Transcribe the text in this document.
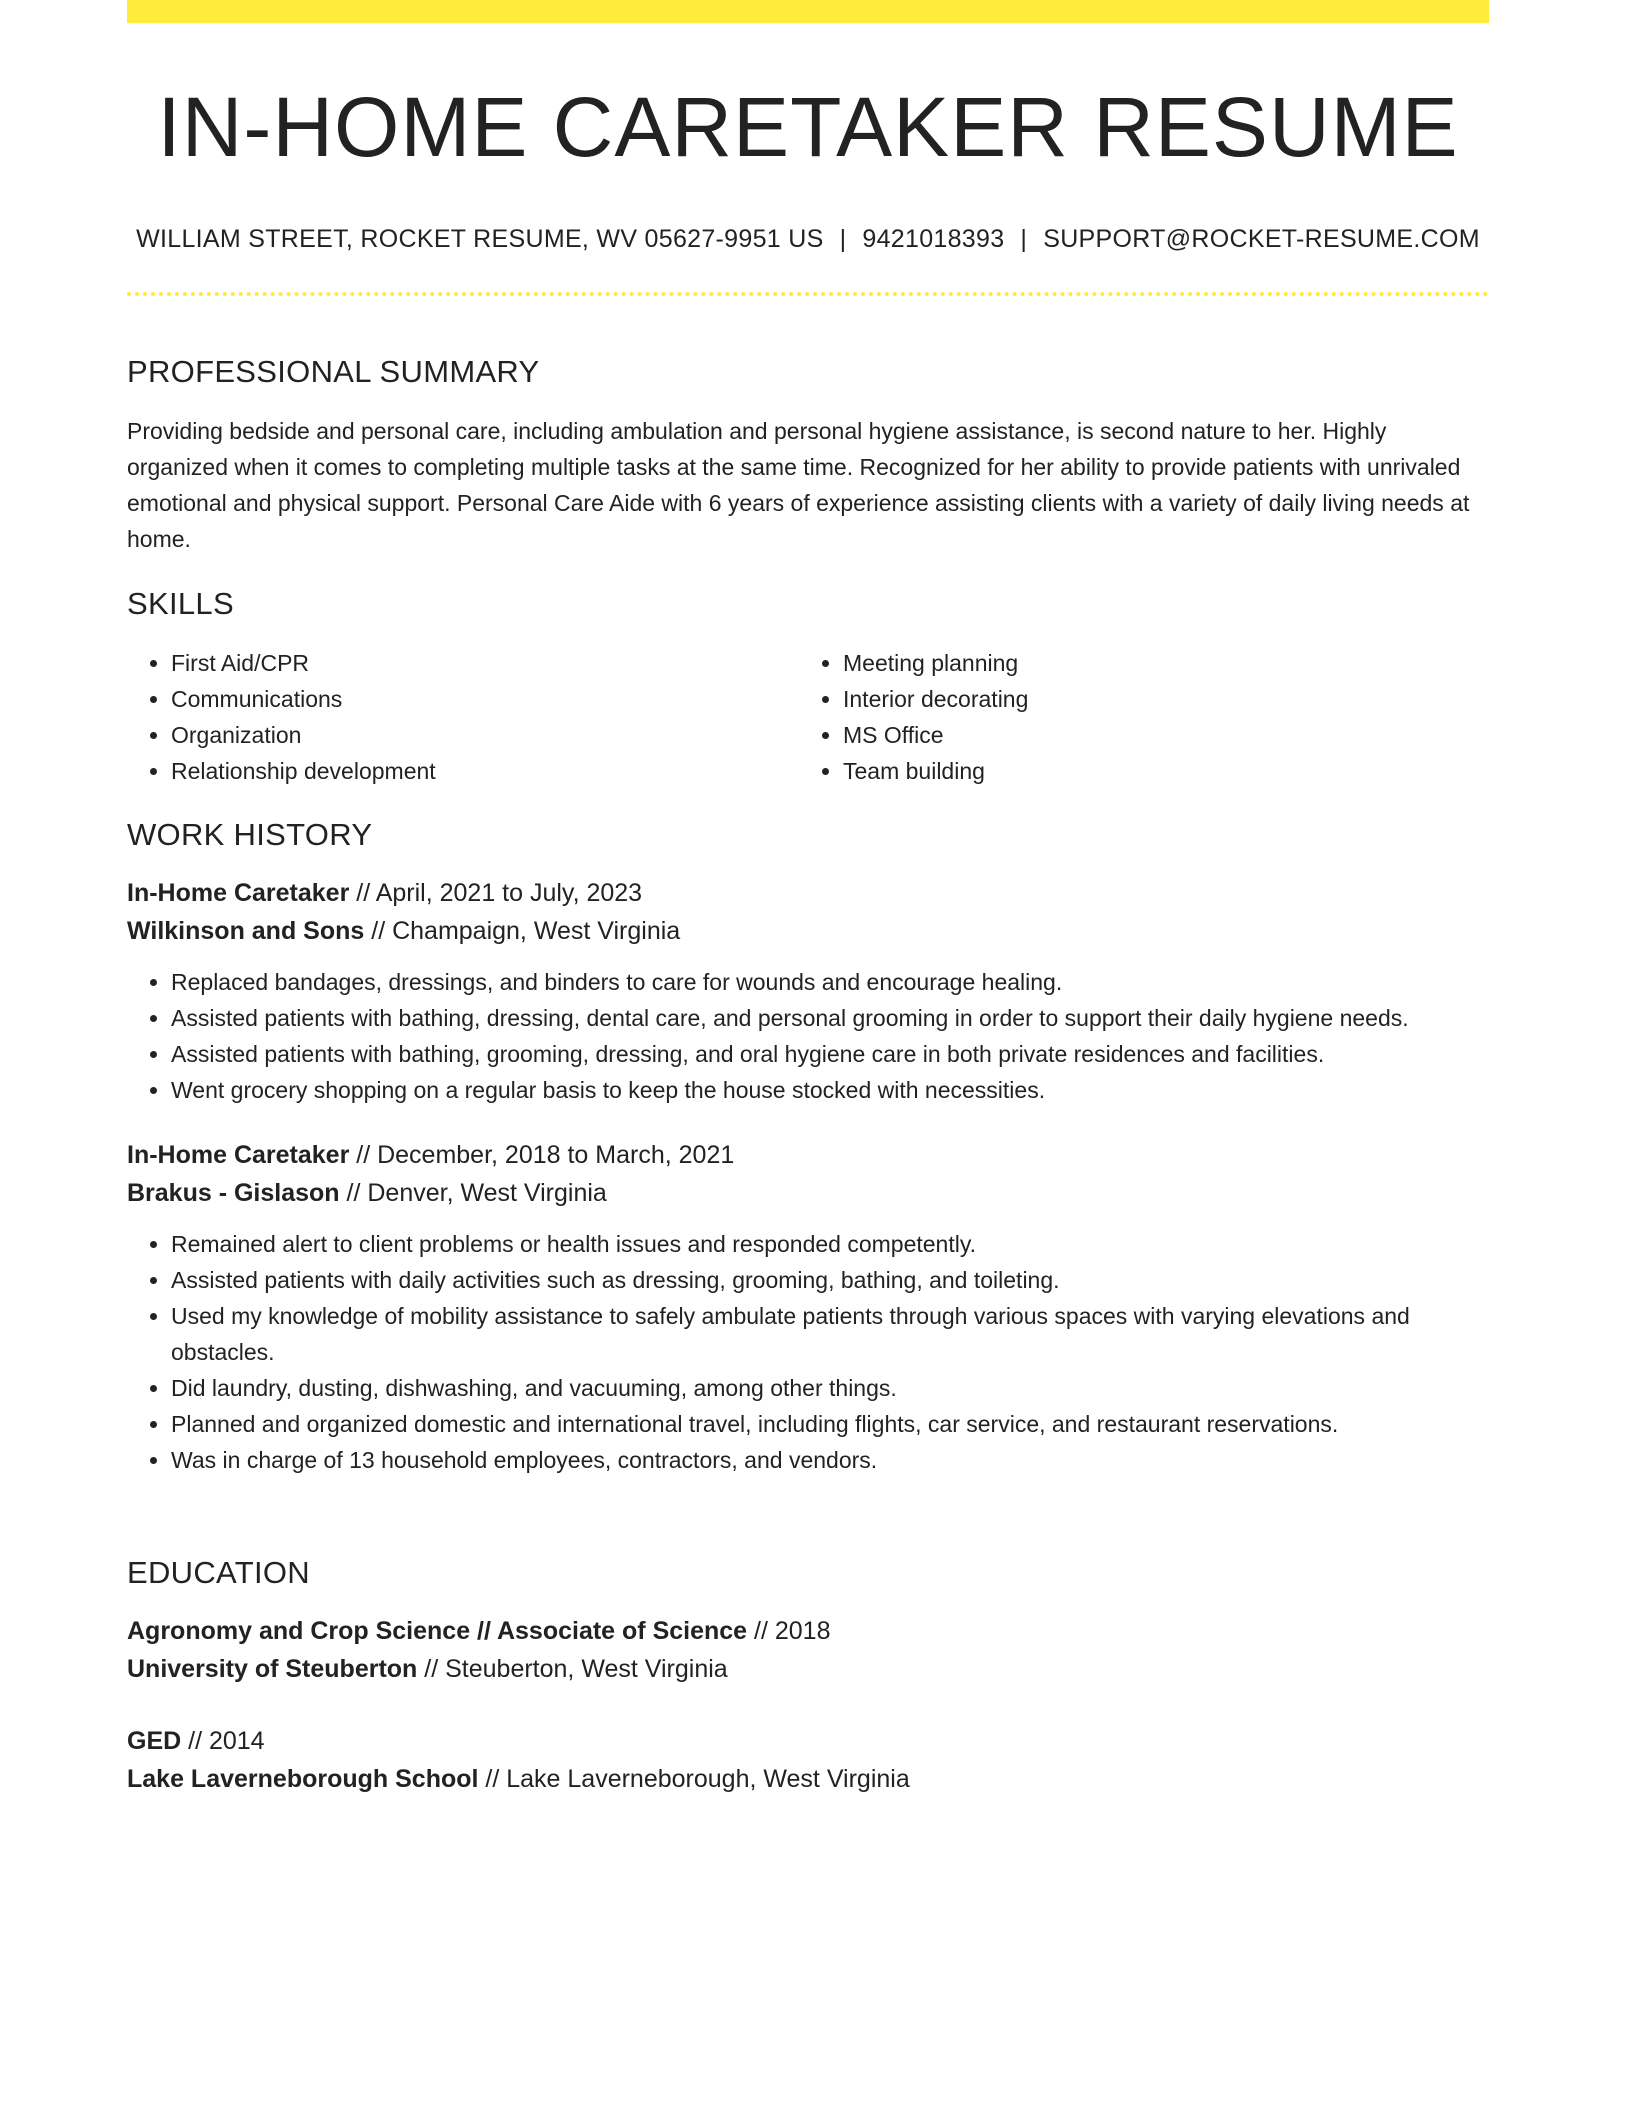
IN-HOME CARETAKER RESUME
WILLIAM STREET, ROCKET RESUME, WV 05627-9951 US | 9421018393 | SUPPORT@ROCKET-RESUME.COM
PROFESSIONAL SUMMARY

Providing bedside and personal care, including ambulation and personal hygiene assistance, is second nature to her. Highly organized when it comes to completing multiple tasks at the same time. Recognized for her ability to provide patients with unrivaled emotional and physical support. Personal Care Aide with 6 years of experience assisting clients with a variety of daily living needs at home.

SKILLS
• First Aid/CPR
• Communications
• Organization
• Relationship development
• Meeting planning
• Interior decorating
• MS Office
• Team building
WORK HISTORY
In-Home Caretaker // April, 2021 to July, 2023
Wilkinson and Sons // Champaign, West Virginia
• Replaced bandages, dressings, and binders to care for wounds and encourage healing.
• Assisted patients with bathing, dressing, dental care, and personal grooming in order to support their daily hygiene needs.
• Assisted patients with bathing, grooming, dressing, and oral hygiene care in both private residences and facilities.
• Went grocery shopping on a regular basis to keep the house stocked with necessities.
In-Home Caretaker // December, 2018 to March, 2021
Brakus - Gislason // Denver, West Virginia
• Remained alert to client problems or health issues and responded competently.
• Assisted patients with daily activities such as dressing, grooming, bathing, and toileting.
• Used my knowledge of mobility assistance to safely ambulate patients through various spaces with varying elevations and obstacles.
• Did laundry, dusting, dishwashing, and vacuuming, among other things.
• Planned and organized domestic and international travel, including flights, car service, and restaurant reservations.
• Was in charge of 13 household employees, contractors, and vendors.
EDUCATION
Agronomy and Crop Science // Associate of Science // 2018
University of Steuberton // Steuberton, West Virginia
GED // 2014
Lake Laverneborough School // Lake Laverneborough, West Virginia
